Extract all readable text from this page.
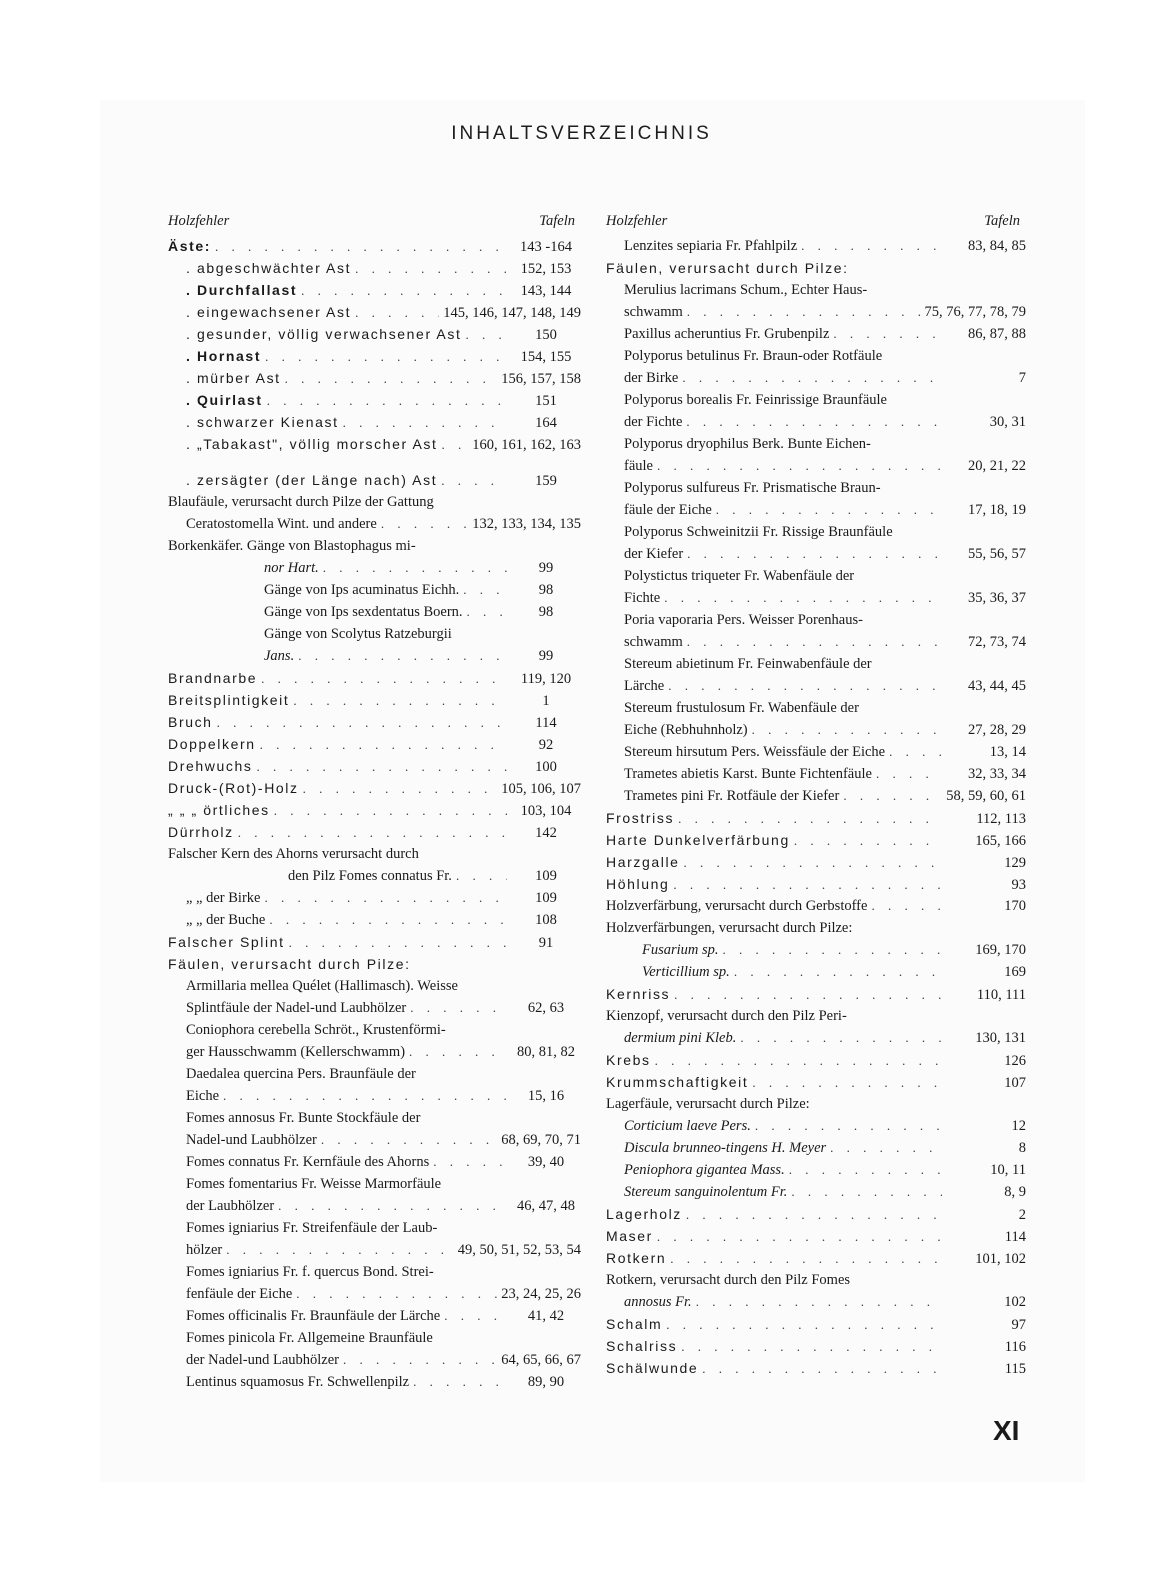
INHALTSVERZEICHNIS
Holzfehler	Tafeln
Äste: . . .	143 -164
. abgeschwächter Ast . . .	152, 153
. Durchfallast . . .	143, 144
. eingewachsener Ast . . .	145, 146, 147, 148, 149
. gesunder, völlig verwachsener Ast . . .	150
. Hornast . . .	154, 155
. mürber Ast . . .	156, 157, 158
. Quirlast . . .	151
. schwarzer Kienast . . .	164
. „Tabakast", völlig morscher Ast . . . 160, 161, 162, 163
. zersägter (der Länge nach) Ast . . .	159
Blaufäule, verursacht durch Pilze der Gattung
Ceratostomella Wint. und andere . . .	132, 133, 134, 135
Borkenkäfer. Gänge von Blastophagus mi-
nor Hart. . . .	99
Gänge von Ips acuminatus Eichh. . . .	98
Gänge von Ips sexdentatus Boern. . . .	98
Gänge von Scolytus Ratzeburgii
Jans. . . .	99
Brandnarbe . . .	119, 120
Breitsplintigkeit . . .	1
Bruch . . .	114
Doppelkern . . .	92
Drehwuchs . . .	100
Druck-(Rot)-Holz . . .	105, 106, 107
„ „ „ örtliches . . .	103, 104
Dürrholz . . .	142
Falscher Kern des Ahorns verursacht durch
den Pilz Fomes connatus Fr. . . .	109
„ „ der Birke . . .	109
„ „ der Buche . . .	108
Falscher Splint . . .	91
Fäulen, verursacht durch Pilze:
Armillaria mellea Quélet (Hallimasch). Weisse
Splintfäule der Nadel-und Laubhölzer . . .	62, 63
Coniophora cerebella Schröt., Krustenförmi-
ger Hausschwamm (Kellerschwamm) . . .	80, 81, 82
Daedalea quercina Pers. Braunfäule der
Eiche . . .	15, 16
Fomes annosus Fr. Bunte Stockfäule der
Nadel-und Laubhölzer . . .	68, 69, 70, 71
Fomes connatus Fr. Kernfäule des Ahorns . . .	39, 40
Fomes fomentarius Fr. Weisse Marmorfäule
der Laubhölzer . . .	46, 47, 48
Fomes igniarius Fr. Streifenfäule der Laub-
hölzer . . .	49, 50, 51, 52, 53, 54
Fomes igniarius Fr. f. quercus Bond. Strei-
fenfäule der Eiche . . .	23, 24, 25, 26
Fomes officinalis Fr. Braunfäule der Lärche . . .	41, 42
Fomes pinicola Fr. Allgemeine Braunfäule
der Nadel-und Laubhölzer . . .	64, 65, 66, 67
Lentinus squamosus Fr. Schwellenpilz . . .	89, 90
Holzfehler	Tafeln
Lenzites sepiaria Fr. Pfahlpilz . . .	83, 84, 85
Fäulen, verursacht durch Pilze:
Merulius lacrimans Schum., Echter Haus-
schwamm . . .	75, 76, 77, 78, 79
Paxillus acheruntius Fr. Grubenpilz . . .	86, 87, 88
Polyporus betulinus Fr. Braun-oder Rotfäule
der Birke . . .	7
Polyporus borealis Fr. Feinrissige Braunfäule
der Fichte . . .	30, 31
Polyporus dryophilus Berk. Bunte Eichen-
fäule . . .	20, 21, 22
Polyporus sulfureus Fr. Prismatische Braun-
fäule der Eiche . . .	17, 18, 19
Polyporus Schweinitzii Fr. Rissige Braunfäule
der Kiefer . . .	55, 56, 57
Polystictus triqueter Fr. Wabenfäule der
Fichte . . .	35, 36, 37
Poria vaporaria Pers. Weisser Porenhaus-
schwamm . . .	72, 73, 74
Stereum abietinum Fr. Feinwabenfäule der
Lärche . . .	43, 44, 45
Stereum frustulosum Fr. Wabenfäule der
Eiche (Rebhuhnholz) . . .	27, 28, 29
Stereum hirsutum Pers. Weissfäule der Eiche . . .	13, 14
Trametes abietis Karst. Bunte Fichtenfäule . . .	32, 33, 34
Trametes pini Fr. Rotfäule der Kiefer . . .	58, 59, 60, 61
Frostriss . . .	112, 113
Harte Dunkelverfärbung . . .	165, 166
Harzgalle . . .	129
Höhlung . . .	93
Holzverfärbung, verursacht durch Gerbstoffe . . .	170
Holzverfärbungen, verursacht durch Pilze:
Fusarium sp. . . .	169, 170
Verticillium sp. . . .	169
Kernriss . . .	110, 111
Kienzopf, verursacht durch den Pilz Peri-
dermium pini Kleb. . . .	130, 131
Krebs . . .	126
Krummschaftigkeit . . .	107
Lagerfäule, verursacht durch Pilze:
Corticium laeve Pers. . . .	12
Discula brunneo-tingens H. Meyer . . .	8
Peniophora gigantea Mass. . . .	10, 11
Stereum sanguinolentum Fr. . . .	8, 9
Lagerholz . . .	2
Maser . . .	114
Rotkern . . .	101, 102
Rotkern, verursacht durch den Pilz Fomes
annosus Fr. . . .	102
Schalm . . .	97
Schalriss . . .	116
Schälwunde . . .	115
XI
